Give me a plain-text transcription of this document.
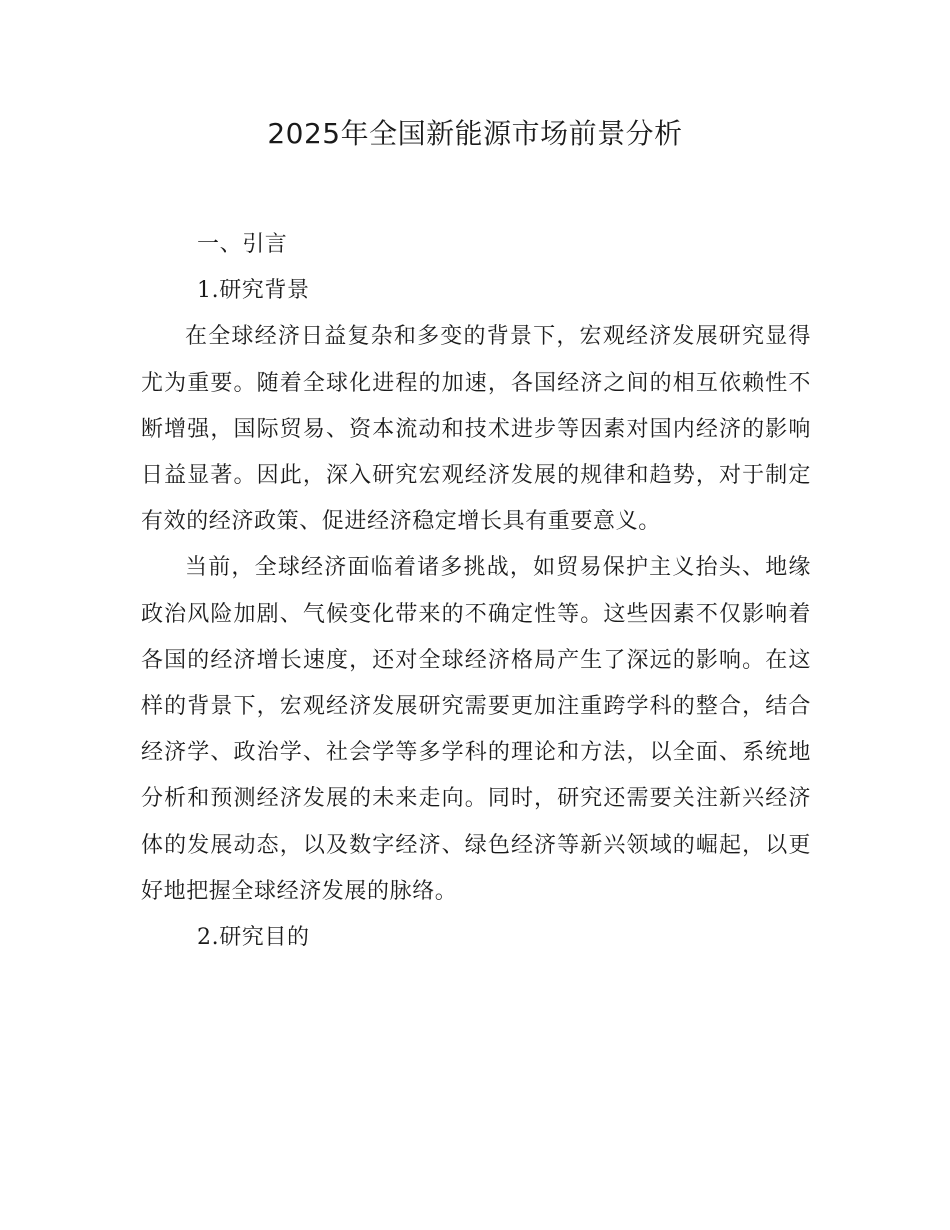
2025年全国新能源市场前景分析

一、引言

1.研究背景

在全球经济日益复杂和多变的背景下，宏观经济发展研究显得尤为重要。随着全球化进程的加速，各国经济之间的相互依赖性不断增强，国际贸易、资本流动和技术进步等因素对国内经济的影响日益显著。因此，深入研究宏观经济发展的规律和趋势，对于制定有效的经济政策、促进经济稳定增长具有重要意义。

当前，全球经济面临着诸多挑战，如贸易保护主义抬头、地缘政治风险加剧、气候变化带来的不确定性等。这些因素不仅影响着各国的经济增长速度，还对全球经济格局产生了深远的影响。在这样的背景下，宏观经济发展研究需要更加注重跨学科的整合，结合经济学、政治学、社会学等多学科的理论和方法，以全面、系统地分析和预测经济发展的未来走向。同时，研究还需要关注新兴经济体的发展动态，以及数字经济、绿色经济等新兴领域的崛起，以更好地把握全球经济发展的脉络。

2.研究目的
